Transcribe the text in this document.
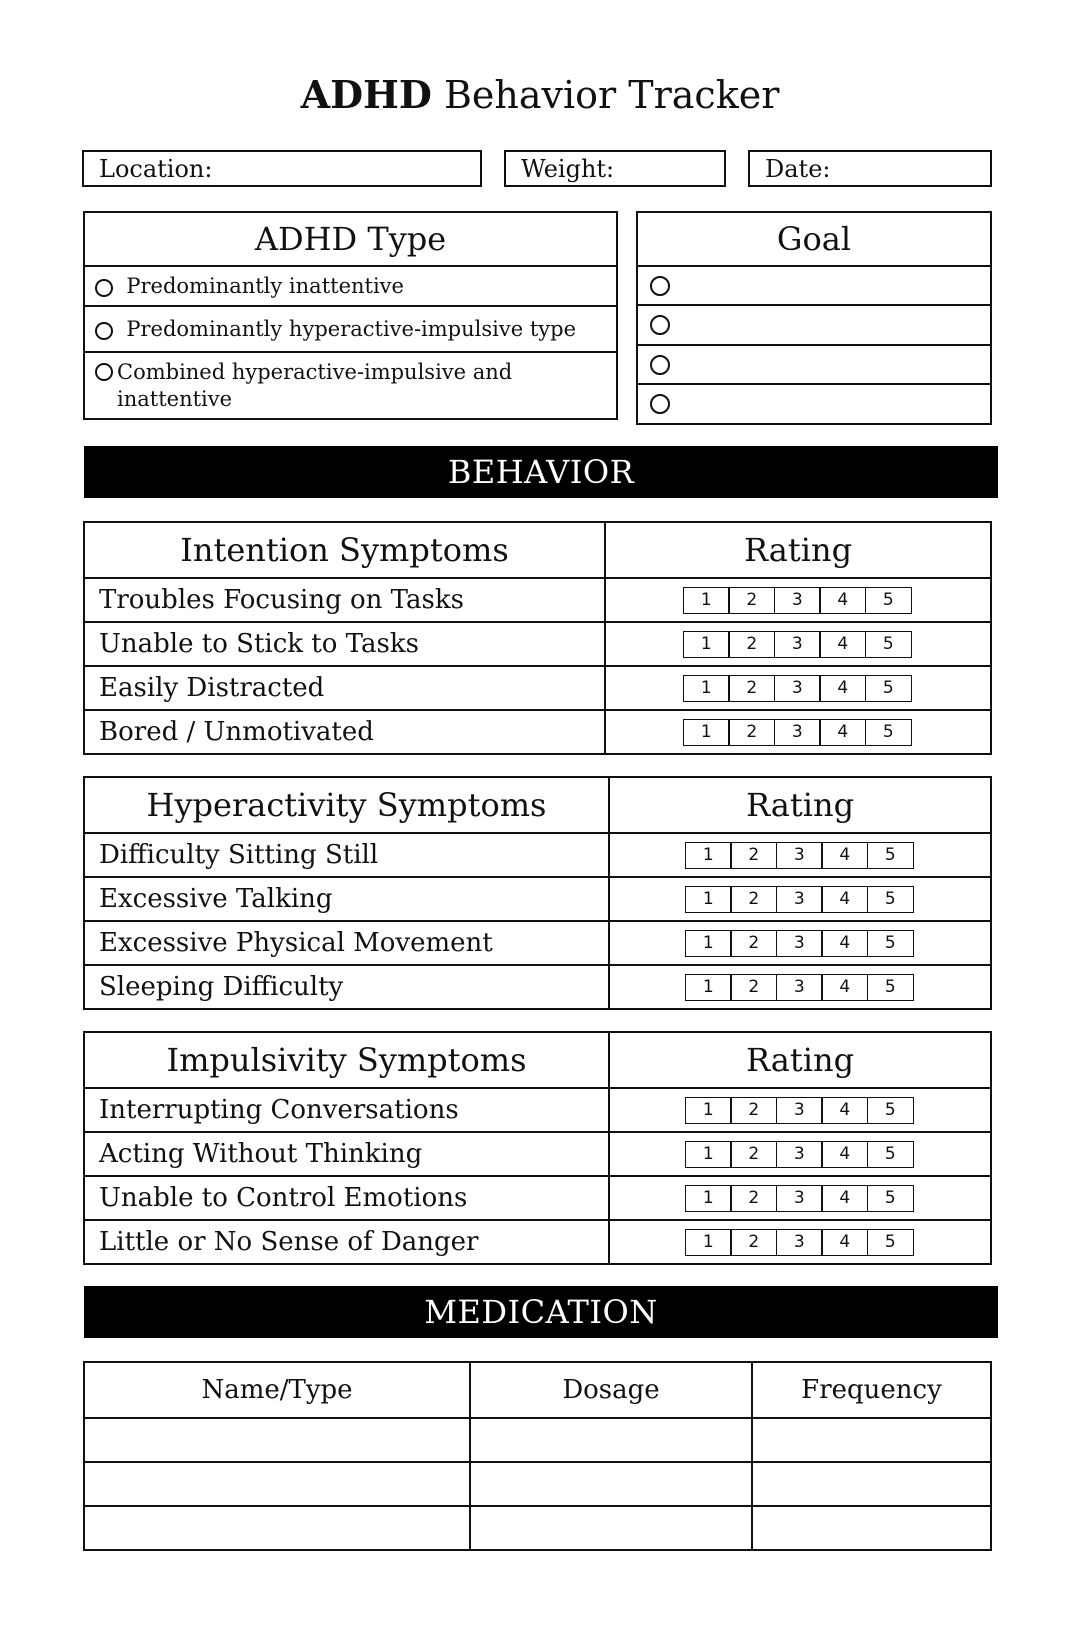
ADHD Behavior Tracker
Location:	Weight:	Date:
ADHD Type
Predominantly inattentive
Predominantly hyperactive-impulsive type

Combined hyperactive-impulsive and inattentive
Goal

BEHAVIOR
Intention Symptoms	Rating
Troubles Focusing on Tasks	1 2 3 4 5

Unable to Stick to Tasks	1 2 3 4 5

Easily Distracted	1 2 3 4 5

Bored / Unmotivated	1 2 3 4 5
Hyperactivity Symptoms	Rating
Difficulty Sitting Still	1 2 3 4 5

Excessive Talking	1 2 3 4 5

Excessive Physical Movement	1 2 3 4 5

Sleeping Difficulty	1 2 3 4 5
Impulsivity Symptoms	Rating
Interrupting Conversations	1 2 3 4 5

Acting Without Thinking	1 2 3 4 5

Unable to Control Emotions	1 2 3 4 5

Little or No Sense of Danger	1 2 3 4 5
MEDICATION
Name/Type	Dosage	Frequency
